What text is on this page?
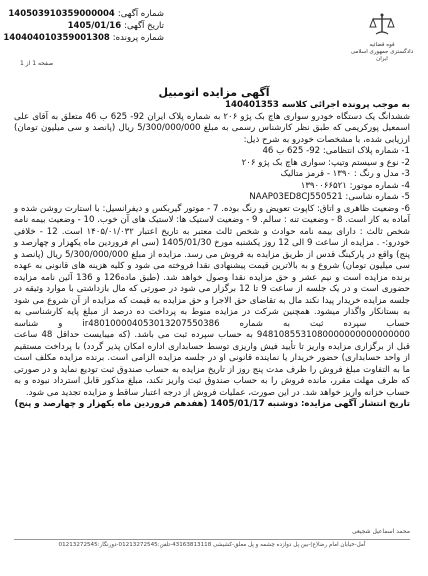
قوه قضائیه
دادگستری جمهوری اسلامی ایران
شماره آگهی: 140503910359000004
تاریخ آگهی: 1405/01/16
شماره پرونده: 140404010359001308
صفحه 1 از 1
آگهی مزایده اتومبیل

به موجب پرونده اجرائی کلاسه 140401353

ششدانگ یک دستگاه خودرو سواری هاچ بک پژو ۲۰۶ به شماره پلاک ایران 92- 625 ب 46 متعلق به آقای علی اسمعیل پورکریمی که طبق نظر کارشناس رسمی به مبلغ 5/300/000/000 ریال (پانصد و سی میلیون تومان) ارزیابی شده، با مشخصات خودرو به شرح ذیل:

1- شماره پلاک انتظامی: 92- 625 ب 46

2- نوع و سیستم وتیپ: سواری هاچ بک پژو ۲۰۶

3- مدل و رنگ : ۱۳۹۰ - قرمز متالیک

4- شماره موتور: ۱۳۹۰۰۶۶۵۲۱

5- شماره شاسی: NAAP03ED8CJ550521

6- وضعیت ظاهری و اتاق: کاپوت تعویض و رنگ بوده. 7 - موتور گیربکس و دیفرانسیل: با استارت روشن شده و آماده به کار است. 8 - وضعیت تنه : سالم. 9 - وضعیت لاستیک ها: لاستیک های آن خوب. 10 - وضعیت بیمه نامه شخص ثالث : دارای بیمه نامه حوادث و شخص ثالث معتبر به تاریخ اعتبار ۱۴۰۵/۰۱/۰۳۲ است. 12 - خلافی خودرو:- . مزایده از ساعت 9 الی 12 روز یکشنبه مورخ 1405/01/30 (سی ام فروردین ماه یکهزار و چهارصد و پنج) واقع در پارکینگ قدس از طریق مزایده به فروش می رسد. مزایده از مبلغ 5/300/000/000 ریال (پانصد و سی میلیون تومان) شروع و به بالاترین قیمت پیشنهادی نقدا فروخته می شود و کلیه هزینه های قانونی به عهده برنده مزایده است و نیم عشر و حق مزایده نقدا وصول خواهد شد. (طبق ماده126 و 136 آئین نامه مزایده حضوری است و در یک جلسه از ساعت 9 تا 12 برگزار می شود در صورتی که مال بازداشتی با موارد وثیقه در جلسه مزایده خریدار پیدا نکند مال به تقاضای حق الاجرا و حق مزایده به قیمت که مزایده از آن شروع می شود به بستانکار واگذار میشود. همچنین شرکت در مزایده منوط به پرداخت ده درصد از مبلغ پایه کارشناسی به حساب سپرده ثبت به شماره ir480100004053013207550386 و شناسه 9481085531080000000000000000 به حساب سپرده ثبت می باشد. (که میبایست حداقل 48 ساعت قبل از برگزاری مزایده واریز تا تأیید فیش واریزی توسط حسابداری اداره امکان پذیر گردد) با پرداخت مستقیم از واحد حسابداری) حضور خریدار یا نماینده قانونی او در جلسه مزایده الزامی است. برنده مزایده مکلف است ما به التفاوت مبلغ فروش را ظرف مدت پنج روز از تاریخ مزایده به حساب صندوق ثبت تودیع نماید و در صورتی که ظرف مهلت مقرر، مانده فروش را به حساب صندوق ثبت واریز نکند، مبلغ مذکور قابل استرداد نبوده و به حساب خزانه واریز خواهد شد. در این صورت، عملیات فروش از درجه اعتبار ساقط و مزایده تجدید می شود.

تاریخ انتشار آگهی مزایده: دوشنبه 1405/01/17 (هفدهم فروردین ماه یکهزار و چهارصد و پنج)

محمد اسماعیل شجیعی
آمل-خیابان امام رضا(ع)-بین پل دوازده چشمه و پل معلق-کشیشی 43163813118-تلفن:01213272545-دورنگار:01213272545
